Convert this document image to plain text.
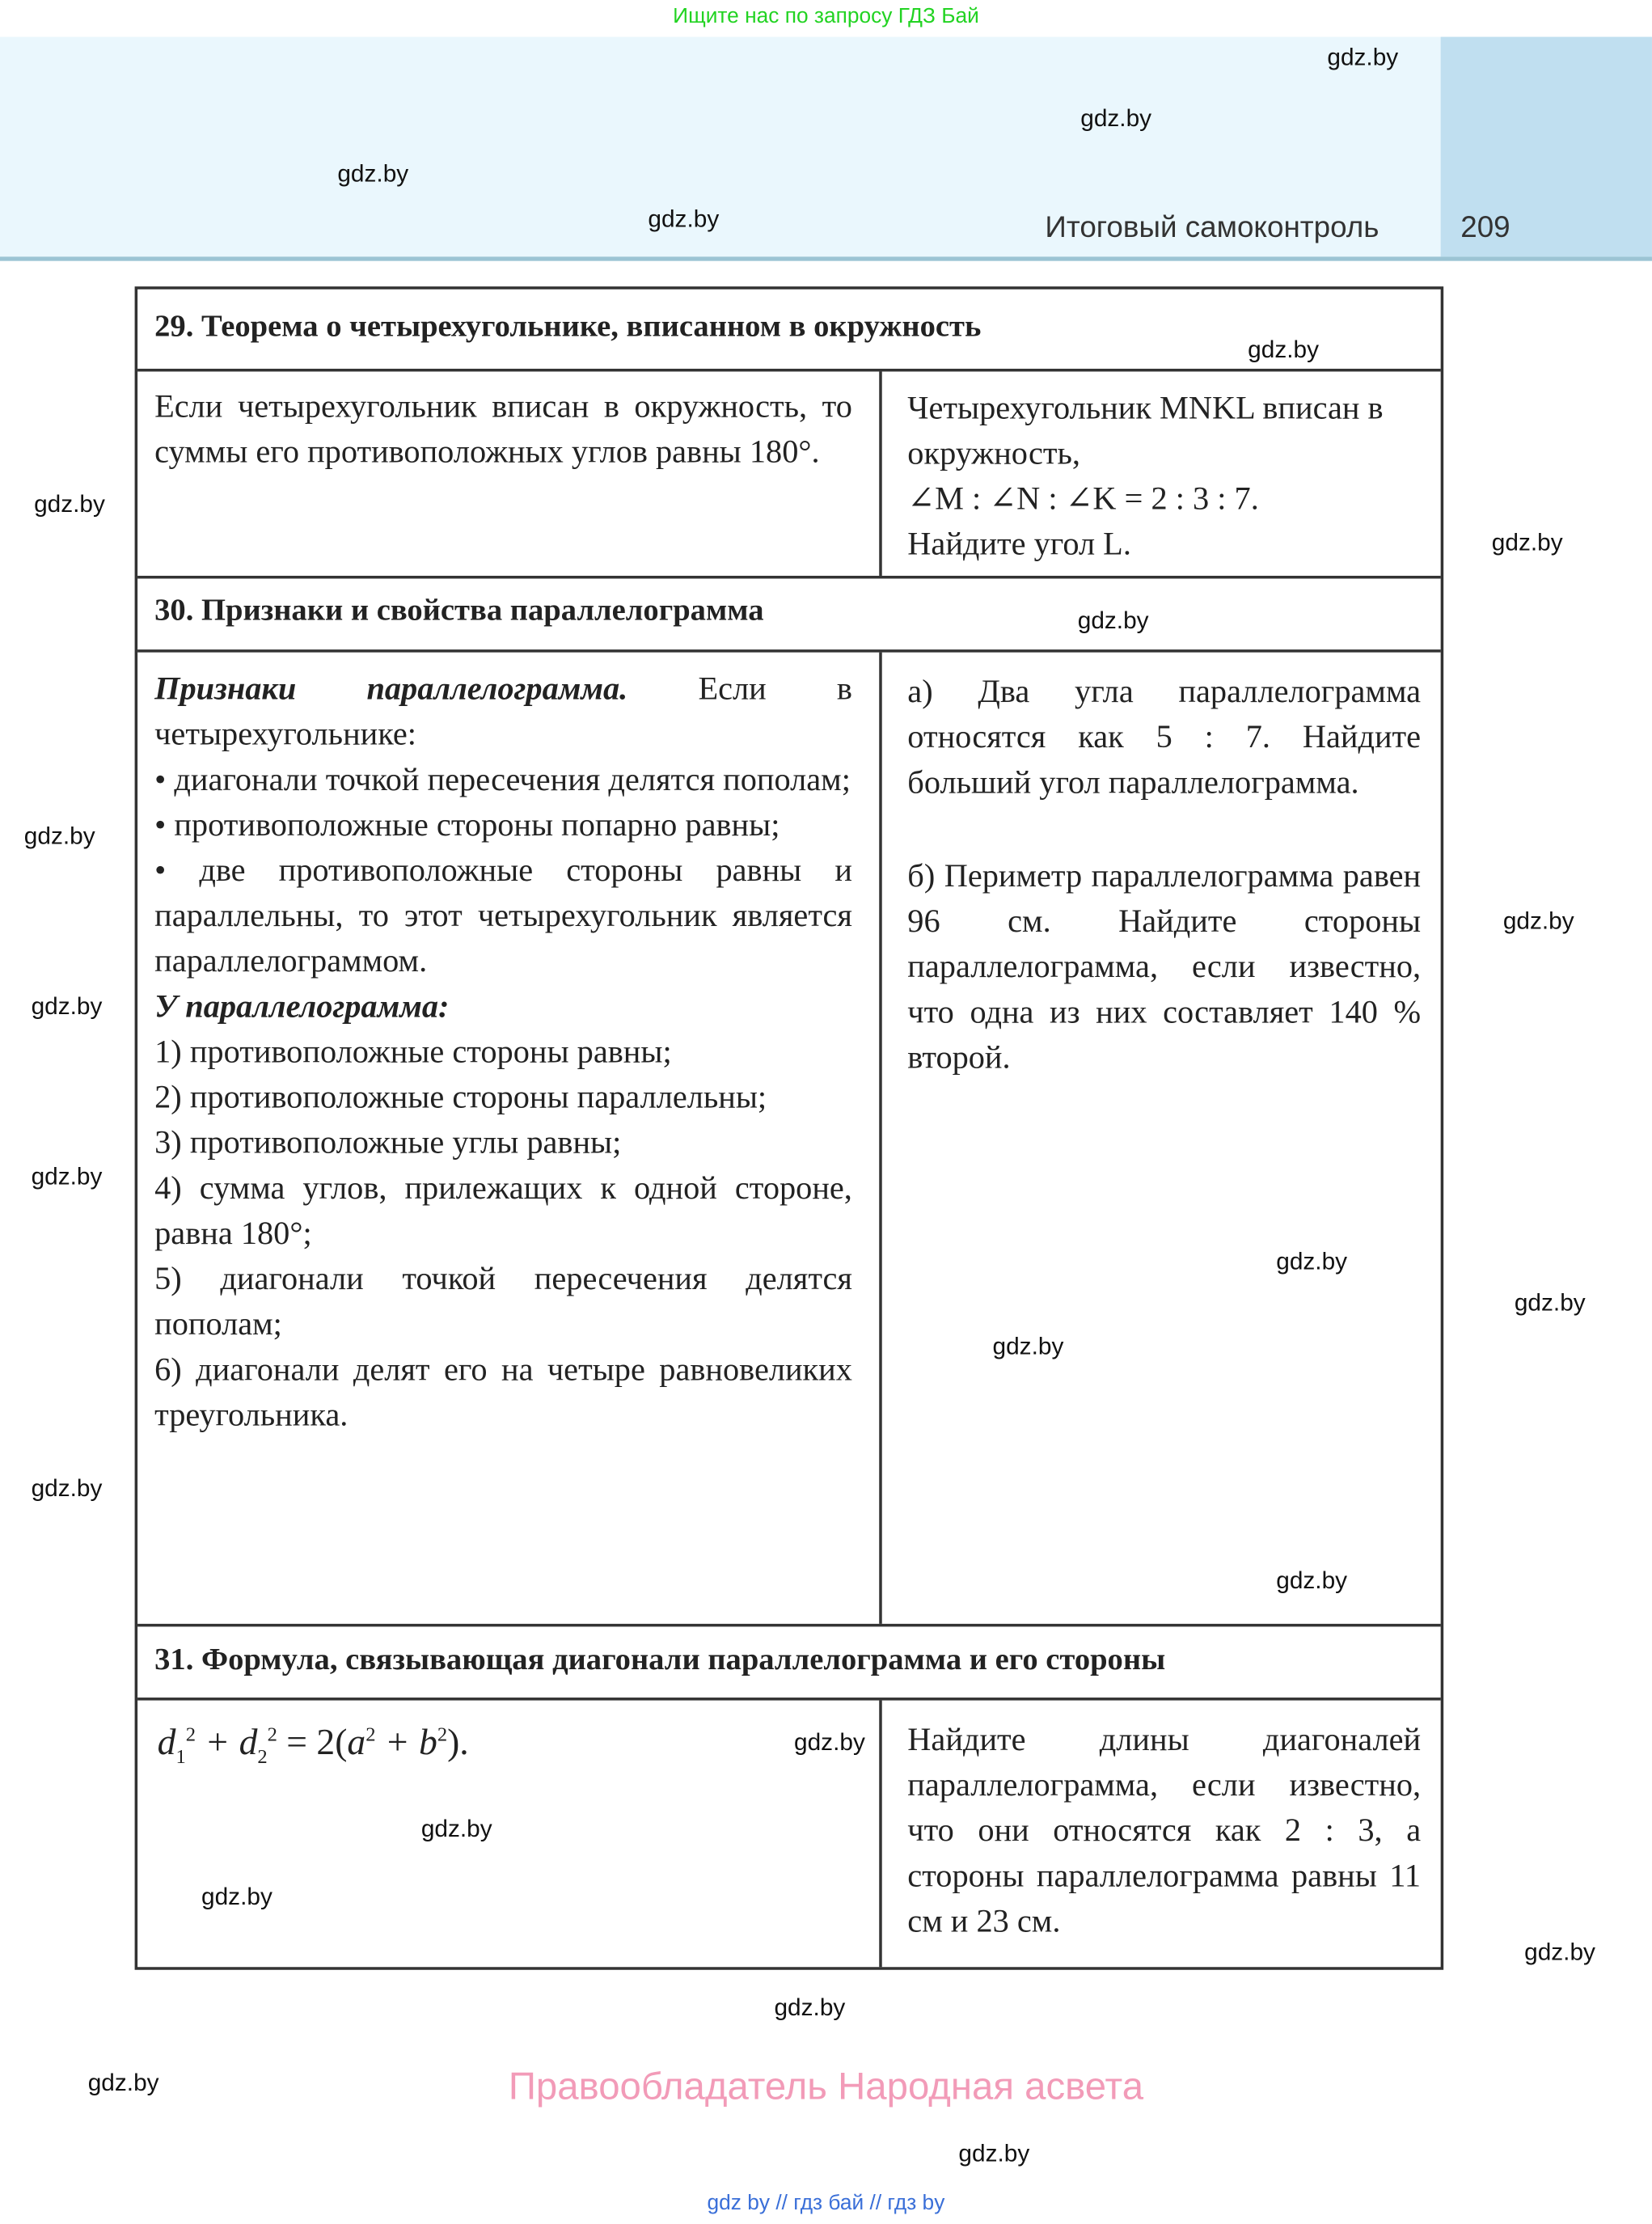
Ищите нас по запросу ГДЗ Бай
Итоговый самоконтроль	209
29. Теорема о четырехугольнике, вписанном в окружность

Если четырехугольник вписан в окружность, то суммы его противоположных углов равны 180°.

Четырехугольник MNKL вписан в окружность,

∠M : ∠N : ∠K = 2 : 3 : 7.

Найдите угол L.

30. Признаки и свойства параллелограмма

Признаки параллелограмма. Если в четырехугольнике:

• диагонали точкой пересечения делятся пополам;

• противоположные стороны попарно равны;

• две противоположные стороны равны и параллельны, то этот четырехугольник является параллелограммом.

У параллелограмма:

1) противоположные стороны равны;

2) противоположные стороны параллельны;

3) противоположные углы равны;

4) сумма углов, прилежащих к одной стороне, равна 180°;

5) диагонали точкой пересечения делятся пополам;

6) диагонали делят его на четыре равновеликих треугольника.

а) Два угла параллелограмма относятся как 5 : 7. Найдите больший угол параллелограмма.

б) Периметр параллелограмма равен 96 см. Найдите стороны параллелограмма, если известно, что одна из них составляет 140 % второй.

31. Формула, связывающая диагонали параллелограмма и его стороны
$d_1^2 + d_2^2 = 2(a^2 + b^2)$.	Найдите длины диагоналей параллелограмма, если известно, что они относятся как 2 : 3, а стороны параллелограмма равны 11 см и 23 см.

gdz.by
gdz.by
gdz.by
gdz.by
gdz.by
gdz.by
gdz.by
gdz.by
gdz.by
gdz.by
gdz.by
gdz.by
gdz.by
gdz.by
gdz.by
gdz.by
gdz.by
gdz.by
gdz.by
gdz.by
gdz.by
gdz.by
gdz.by
gdz.by
Правообладатель Народная асвета
gdz by // гдз бай // гдз by
